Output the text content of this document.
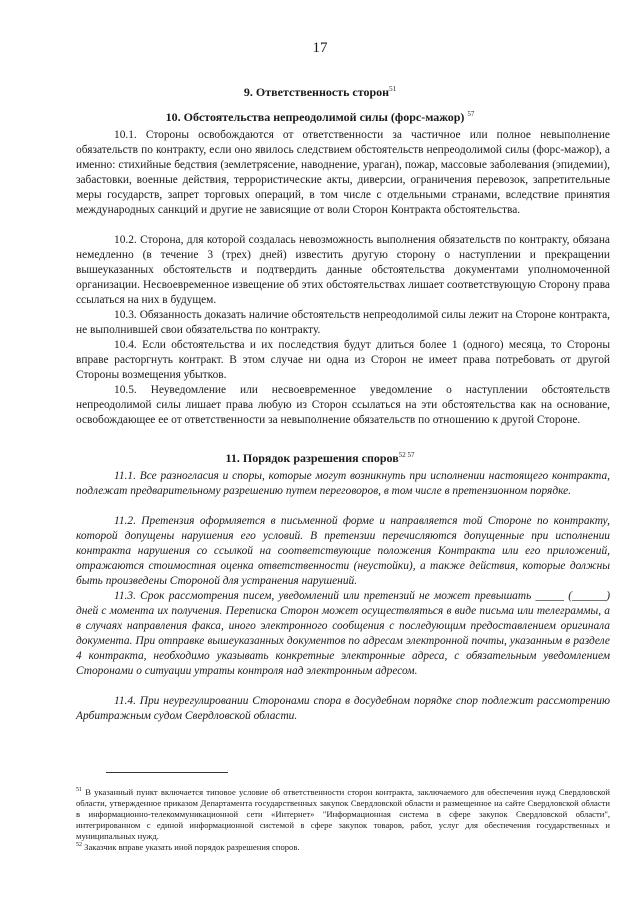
17
9. Ответственность сторон$^{51}$
10. Обстоятельства непреодолимой силы (форс-мажор) $^{57}$
10.1. Стороны освобождаются от ответственности за частичное или полное невыполнение обязательств по контракту, если оно явилось следствием обстоятельств непреодолимой силы (форс-мажор), а именно: стихийные бедствия (землетрясение, наводнение, ураган), пожар, массовые заболевания (эпидемии), забастовки, военные действия, террористические акты, диверсии, ограничения перевозок, запретительные меры государств, запрет торговых операций, в том числе с отдельными странами, вследствие принятия международных санкций и другие не зависящие от воли Сторон Контракта обстоятельства.
10.2. Сторона, для которой создалась невозможность выполнения обязательств по контракту, обязана немедленно (в течение 3 (трех) дней) известить другую сторону о наступлении и прекращении вышеуказанных обстоятельств и подтвердить данные обстоятельства документами уполномоченной организации. Несвоевременное извещение об этих обстоятельствах лишает соответствующую Сторону права ссылаться на них в будущем.
10.3. Обязанность доказать наличие обстоятельств непреодолимой силы лежит на Стороне контракта, не выполнившей свои обязательства по контракту.
10.4. Если обстоятельства и их последствия будут длиться более 1 (одного) месяца, то Стороны вправе расторгнуть контракт. В этом случае ни одна из Сторон не имеет права потребовать от другой Стороны возмещения убытков.
10.5. Неуведомление или несвоевременное уведомление о наступлении обстоятельств непреодолимой силы лишает права любую из Сторон ссылаться на эти обстоятельства как на основание, освобождающее ее от ответственности за невыполнение обязательств по отношению к другой Стороне.
11. Порядок разрешения споров$^{52 57}$
11.1. Все разногласия и споры, которые могут возникнуть при исполнении настоящего контракта, подлежат предварительному разрешению путем переговоров, в том числе в претензионном порядке.
11.2. Претензия оформляется в письменной форме и направляется той Стороне по контракту, которой допущены нарушения его условий. В претензии перечисляются допущенные при исполнении контракта нарушения со ссылкой на соответствующие положения Контракта или его приложений, отражаются стоимостная оценка ответственности (неустойки), а также действия, которые должны быть произведены Стороной для устранения нарушений.
11.3. Срок рассмотрения писем, уведомлений или претензий не может превышать _____ (______) дней с момента их получения. Переписка Сторон может осуществляться в виде письма или телеграммы, а в случаях направления факса, иного электронного сообщения с последующим предоставлением оригинала документа. При отправке вышеуказанных документов по адресам электронной почты, указанным в разделе 4 контракта, необходимо указывать конкретные электронные адреса, с обязательным уведомлением Сторонами о ситуации утраты контроля над электронным адресом.
11.4. При неурегулировании Сторонами спора в досудебном порядке спор подлежит рассмотрению Арбитражным судом Свердловской области.
$^{51}$ В указанный пункт включается типовое условие об ответственности сторон контракта, заключаемого для обеспечения нужд Свердловской области, утвержденное приказом Департамента государственных закупок Свердловской области и размещенное на сайте Свердловской области в информационно-телекоммуникационной сети «Интернет» "Информационная система в сфере закупок Свердловской области", интегрированном с единой информационной системой в сфере закупок товаров, работ, услуг для обеспечения государственных и муниципальных нужд.
$^{52}$ Заказчик вправе указать иной порядок разрешения споров.
